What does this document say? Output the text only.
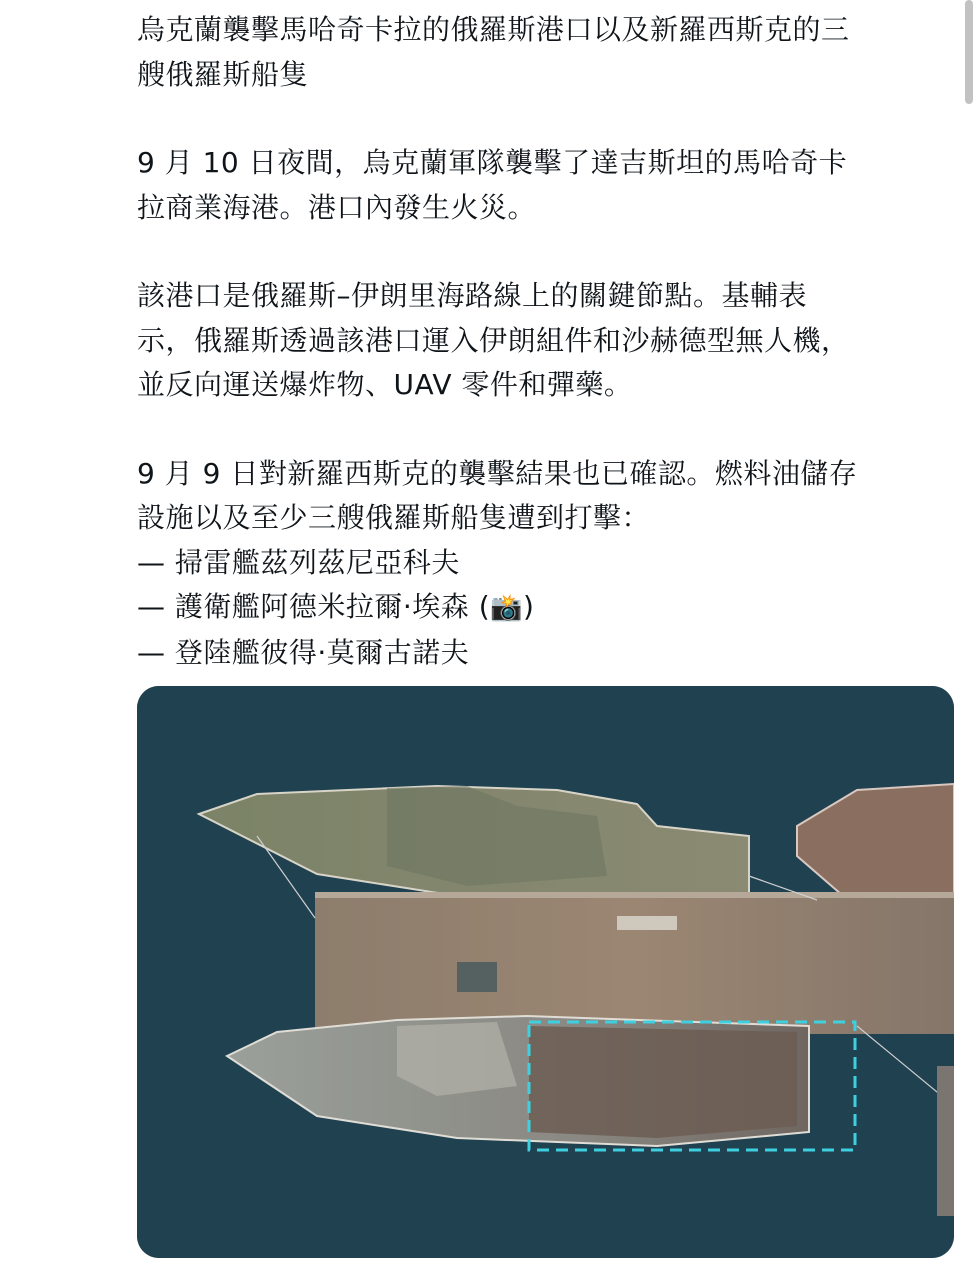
烏克蘭襲擊馬哈奇卡拉的俄羅斯港口以及新羅西斯克的三
艘俄羅斯船隻
9 月 10 日夜間，烏克蘭軍隊襲擊了達吉斯坦的馬哈奇卡
拉商業海港。港口內發生火災。
該港口是俄羅斯–伊朗里海路線上的關鍵節點。基輔表
示，俄羅斯透過該港口運入伊朗組件和沙赫德型無人機，
並反向運送爆炸物、UAV 零件和彈藥。
9 月 9 日對新羅西斯克的襲擊結果也已確認。燃料油儲存
設施以及至少三艘俄羅斯船隻遭到打擊：
— 掃雷艦茲列茲尼亞科夫
— 護衛艦阿德米拉爾·埃森 (📸)
— 登陸艦彼得·莫爾古諾夫
